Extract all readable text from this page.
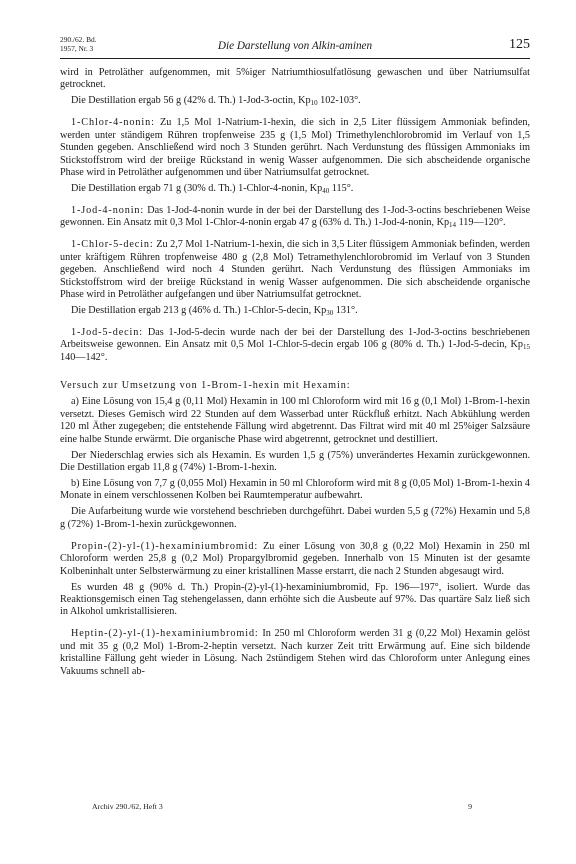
290./62. Bd.
1957, Nr. 3	Die Darstellung von Alkin-aminen	125

wird in Petroläther aufgenommen, mit 5%iger Natriumthiosulfatlösung gewaschen und über Natriumsulfat getrocknet.

Die Destillation ergab 56 g (42% d. Th.) 1-Jod-3-octin, $Kp_{10}$ 102-103°.

1-Chlor-4-nonin: Zu 1,5 Mol 1-Natrium-1-hexin, die sich in 2,5 Liter flüssigem Ammoniak befinden, werden unter ständigem Rühren tropfenweise 235 g (1,5 Mol) Trimethylenchlorobromid im Verlauf von 1,5 Stunden gegeben. Anschließend wird noch 3 Stunden gerührt. Nach Verdunstung des flüssigen Ammoniaks im Stickstoffstrom wird der breiige Rückstand in wenig Wasser aufgenommen. Die sich abscheidende organische Phase wird in Petroläther aufgenommen und über Natriumsulfat getrocknet.

Die Destillation ergab 71 g (30% d. Th.) 1-Chlor-4-nonin, $Kp_{40}$ 115°.

1-Jod-4-nonin: Das 1-Jod-4-nonin wurde in der bei der Darstellung des 1-Jod-3-octins beschriebenen Weise gewonnen. Ein Ansatz mit 0,3 Mol 1-Chlor-4-nonin ergab 47 g (63% d. Th.) 1-Jod-4-nonin, $Kp_{14}$ 119—120°.

1-Chlor-5-decin: Zu 2,7 Mol 1-Natrium-1-hexin, die sich in 3,5 Liter flüssigem Ammoniak befinden, werden unter kräftigem Rühren tropfenweise 480 g (2,8 Mol) Tetramethylenchlorobromid im Verlauf von 3 Stunden gegeben. Anschließend wird noch 4 Stunden gerührt. Nach Verdunstung des flüssigen Ammoniaks im Stickstoffstrom wird der breiige Rückstand in wenig Wasser aufgenommen. Die sich abscheidende organische Phase wird in Petroläther aufgefangen und über Natriumsulfat getrocknet.

Die Destillation ergab 213 g (46% d. Th.) 1-Chlor-5-decin, $Kp_{30}$ 131°.

1-Jod-5-decin: Das 1-Jod-5-decin wurde nach der bei der Darstellung des 1-Jod-3-octins beschriebenen Arbeitsweise gewonnen. Ein Ansatz mit 0,5 Mol 1-Chlor-5-decin ergab 106 g (80% d. Th.) 1-Jod-5-decin, $Kp_{15}$ 140—142°.

Versuch zur Umsetzung von 1-Brom-1-hexin mit Hexamin:

a) Eine Lösung von 15,4 g (0,11 Mol) Hexamin in 100 ml Chloroform wird mit 16 g (0,1 Mol) 1-Brom-1-hexin versetzt. Dieses Gemisch wird 22 Stunden auf dem Wasserbad unter Rückfluß erhitzt. Nach Abkühlung werden 120 ml Äther zugegeben; die entstehende Fällung wird abgetrennt. Das Filtrat wird mit 40 ml 25%iger Salzsäure eine halbe Stunde erwärmt. Die organische Phase wird abgetrennt, getrocknet und destilliert.

Der Niederschlag erwies sich als Hexamin. Es wurden 1,5 g (75%) unverändertes Hexamin zurückgewonnen. Die Destillation ergab 11,8 g (74%) 1-Brom-1-hexin.

b) Eine Lösung von 7,7 g (0,055 Mol) Hexamin in 50 ml Chloroform wird mit 8 g (0,05 Mol) 1-Brom-1-hexin 4 Monate in einem verschlossenen Kolben bei Raumtemperatur aufbewahrt.

Die Aufarbeitung wurde wie vorstehend beschrieben durchgeführt. Dabei wurden 5,5 g (72%) Hexamin und 5,8 g (72%) 1-Brom-1-hexin zurückgewonnen.

Propin-(2)-yl-(1)-hexaminiumbromid: Zu einer Lösung von 30,8 g (0,22 Mol) Hexamin in 250 ml Chloroform werden 25,8 g (0,2 Mol) Propargylbromid gegeben. Innerhalb von 15 Minuten ist der gesamte Kolbeninhalt unter Selbsterwärmung zu einer kristallinen Masse erstarrt, die nach 2 Stunden abgesaugt wird.

Es wurden 48 g (90% d. Th.) Propin-(2)-yl-(1)-hexaminiumbromid, Fp. 196—197°, isoliert. Wurde das Reaktionsgemisch einen Tag stehengelassen, dann erhöhte sich die Ausbeute auf 97%. Das quartäre Salz ließ sich in Alkohol umkristallisieren.

Heptin-(2)-yl-(1)-hexaminiumbromid: In 250 ml Chloroform werden 31 g (0,22 Mol) Hexamin gelöst und mit 35 g (0,2 Mol) 1-Brom-2-heptin versetzt. Nach kurzer Zeit tritt Erwärmung auf. Eine sich bildende kristalline Fällung geht wieder in Lösung. Nach 2stündigem Stehen wird das Chloroform unter Anlegung eines Vakuums schnell ab-

Archiv 290./62, Heft 3	9
